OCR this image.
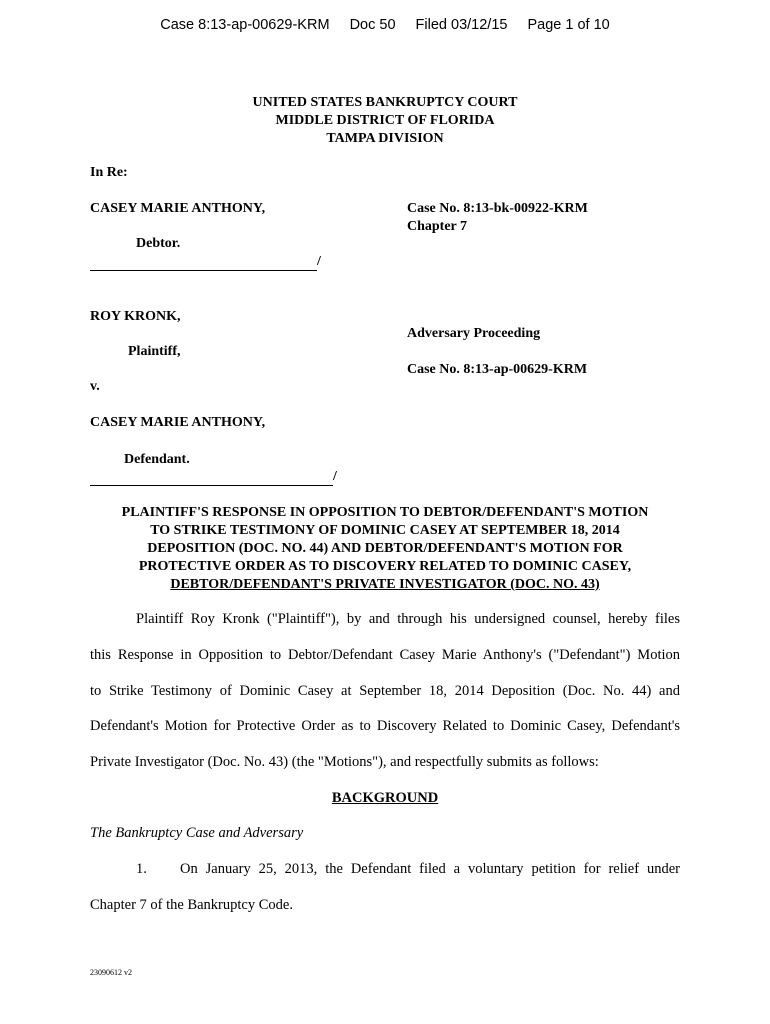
Case 8:13-ap-00629-KRM Doc 50 Filed 03/12/15 Page 1 of 10
UNITED STATES BANKRUPTCY COURT
MIDDLE DISTRICT OF FLORIDA
TAMPA DIVISION
In Re:
CASEY MARIE ANTHONY,	Case No. 8:13-bk-00922-KRM
Chapter 7
Debtor.
/
ROY KRONK,
Adversary Proceeding
Plaintiff,
Case No. 8:13-ap-00629-KRM
v.
CASEY MARIE ANTHONY,
Defendant.
/
PLAINTIFF'S RESPONSE IN OPPOSITION TO DEBTOR/DEFENDANT'S MOTION
TO STRIKE TESTIMONY OF DOMINIC CASEY AT SEPTEMBER 18, 2014
DEPOSITION (DOC. NO. 44) AND DEBTOR/DEFENDANT'S MOTION FOR
PROTECTIVE ORDER AS TO DISCOVERY RELATED TO DOMINIC CASEY,
DEBTOR/DEFENDANT'S PRIVATE INVESTIGATOR (DOC. NO. 43)
Plaintiff Roy Kronk ("Plaintiff"), by and through his undersigned counsel, hereby files
this Response in Opposition to Debtor/Defendant Casey Marie Anthony's ("Defendant") Motion
to Strike Testimony of Dominic Casey at September 18, 2014 Deposition (Doc. No. 44) and
Defendant's Motion for Protective Order as to Discovery Related to Dominic Casey, Defendant's
Private Investigator (Doc. No. 43) (the "Motions"), and respectfully submits as follows:
BACKGROUND
The Bankruptcy Case and Adversary
1. On January 25, 2013, the Defendant filed a voluntary petition for relief under
Chapter 7 of the Bankruptcy Code.
23090612 v2
